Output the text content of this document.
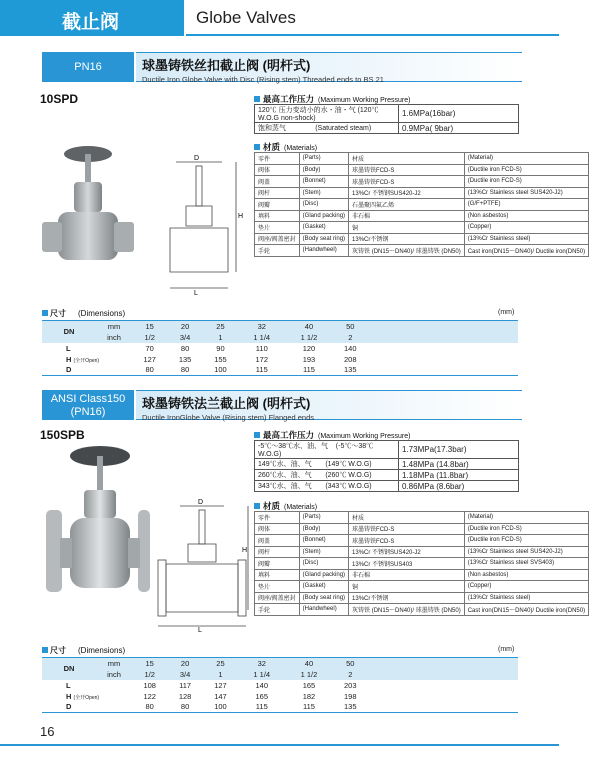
截止阀	Globe Valves
PN16	球墨铸铁丝扣截止阀 (明杆式)
Ductile Iron Globe Valve with Disc (Rising stem) Threaded ends to BS 21
10SPD
D
H
L
最高工作压力 (Maximum Working Pressure)
120℃ 压力变动小的水・油・气 (120℃ W.O.G non-shock)	1.6MPa(16bar)
饱和蒸气 (Saturated steam)	0.9MPa( 9bar)
材质 (Materials)
零件	(Parts)	材质	(Material)
阀体	(Body)	球墨铸铁FCD-S	(Ductile iron FCD-S)
阀盖	(Bonnet)	球墨铸铁FCD-S	(Ductile iron FCD-S)
阀杆	(Stem)	13%Cr 不锈钢SUS420-J2	(13%Cr Stainless steel SUS420-J2)
阀瓣	(Disc)	石墨聚四氟乙烯	(G/F+PTFE)
填料	(Gland packing)	非石棉	(Non asbestos)
垫片	(Gasket)	铜	(Copper)
阀座/阀盖密封	(Body seat ring)	13%Cr不锈钢	(13%Cr Stainless steel)
手轮	(Handwheel)	灰铸铁 (DN15～DN40)/ 球墨铸铁 (DN50)	Cast iron(DN15～DN40)/ Ductile iron(DN50)
尺寸 (Dimensions)	(mm)
DN	mm	15	20	25	32	40	50	
	inch	1/2	3/4	1	1 1/4	1 1/2	2	
L		70	80	90	110	120	140	
H (全开Open)		127	135	155	172	193	208	
D		80	80	100	115	115	135	
ANSI Class150
(PN16)
球墨铸铁法兰截止阀 (明杆式)
Ductile IronGlobe Valve (Rising stem) Flanged ends
150SPB
D
H
L
最高工作压力 (Maximum Working Pressure)
-5℃～38℃水、油、气 (-5℃～38℃ W.O.G)	1.73MPa(17.3bar)
149℃水、油、气 (149℃ W.O.G)	1.48MPa (14.8bar)
260℃水、油、气 (260℃ W.O.G)	1.18MPa (11.8bar)
343℃水、油、气 (343℃ W.O.G)	0.86MPa (8.6bar)
材质 (Materials)
零件	(Parts)	材质	(Material)
阀体	(Body)	球墨铸铁FCD-S	(Ductile iron FCD-S)
阀盖	(Bonnet)	球墨铸铁FCD-S	(Ductile iron FCD-S)
阀杆	(Stem)	13%Cr 不锈钢SUS420-J2	(13%Cr Stainless steel SUS420-J2)
阀瓣	(Disc)	13%Cr 不锈钢SUS403	(13%Cr Stainless steel SVS403)
填料	(Gland packing)	非石棉	(Non asbestos)
垫片	(Gasket)	铜	(Copper)
阀座/阀盖密封	(Body seat ring)	13%Cr不锈钢	(13%Cr Stainless steel)
手轮	(Handwheel)	灰铸铁 (DN15～DN40)/ 球墨铸铁 (DN50)	Cast iron(DN15～DN40)/ Ductile iron(DN50)
尺寸 (Dimensions)	(mm)
DN	mm	15	20	25	32	40	50	
	inch	1/2	3/4	1	1 1/4	1 1/2	2	
L		108	117	127	140	165	203	
H (全开Open)		122	128	147	165	182	198	
D		80	80	100	115	115	135	
16
